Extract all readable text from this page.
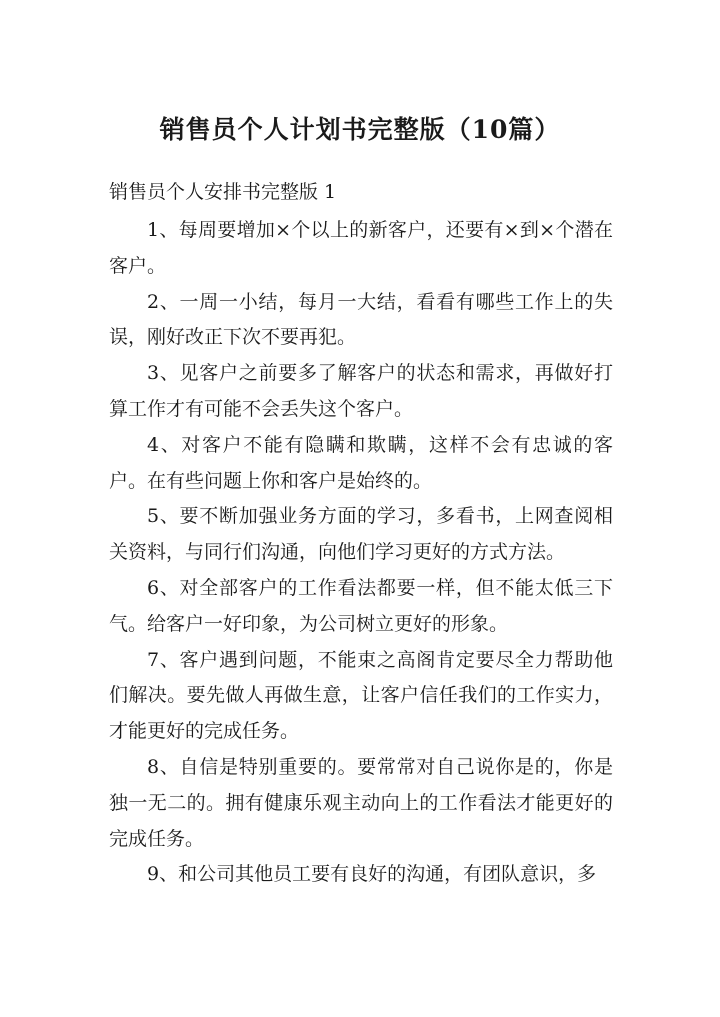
销售员个人计划书完整版（10篇）
销售员个人安排书完整版 1

1、每周要增加×个以上的新客户，还要有×到×个潜在客户。

2、一周一小结，每月一大结，看看有哪些工作上的失误，刚好改正下次不要再犯。

3、见客户之前要多了解客户的状态和需求，再做好打算工作才有可能不会丢失这个客户。

4、对客户不能有隐瞒和欺瞒，这样不会有忠诚的客户。在有些问题上你和客户是始终的。

5、要不断加强业务方面的学习，多看书，上网查阅相关资料，与同行们沟通，向他们学习更好的方式方法。

6、对全部客户的工作看法都要一样，但不能太低三下气。给客户一好印象，为公司树立更好的形象。

7、客户遇到问题，不能束之高阁肯定要尽全力帮助他们解决。要先做人再做生意，让客户信任我们的工作实力，才能更好的完成任务。

8、自信是特别重要的。要常常对自己说你是的，你是独一无二的。拥有健康乐观主动向上的工作看法才能更好的完成任务。

9、和公司其他员工要有良好的沟通，有团队意识，多
